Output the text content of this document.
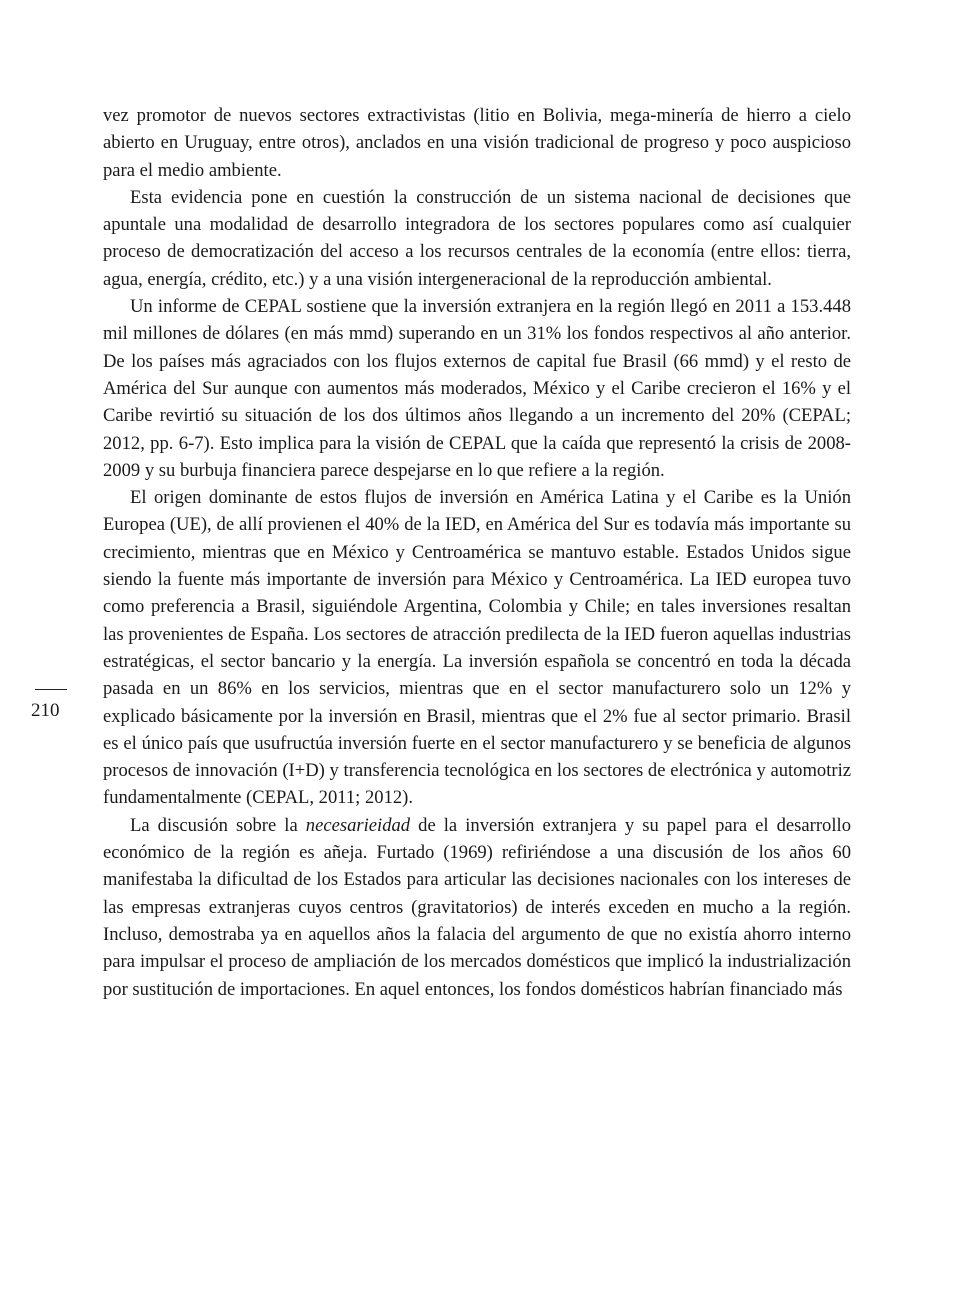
210

vez promotor de nuevos sectores extractivistas (litio en Bolivia, mega-minería de hierro a cielo abierto en Uruguay, entre otros), anclados en una visión tradicional de progreso y poco auspicioso para el medio ambiente.

Esta evidencia pone en cuestión la construcción de un sistema nacional de decisiones que apuntale una modalidad de desarrollo integradora de los sectores populares como así cualquier proceso de democratización del acceso a los recursos centrales de la economía (entre ellos: tierra, agua, energía, crédito, etc.) y a una visión intergeneracional de la reproducción ambiental.

Un informe de CEPAL sostiene que la inversión extranjera en la región llegó en 2011 a 153.448 mil millones de dólares (en más mmd) superando en un 31% los fondos respectivos al año anterior. De los países más agraciados con los flujos externos de capital fue Brasil (66 mmd) y el resto de América del Sur aunque con aumentos más moderados, México y el Caribe crecieron el 16% y el Caribe revirtió su situación de los dos últimos años llegando a un incremento del 20% (CEPAL; 2012, pp. 6-7). Esto implica para la visión de CEPAL que la caída que representó la crisis de 2008-2009 y su burbuja financiera parece despejarse en lo que refiere a la región.

El origen dominante de estos flujos de inversión en América Latina y el Caribe es la Unión Europea (UE), de allí provienen el 40% de la IED, en América del Sur es todavía más importante su crecimiento, mientras que en México y Centroamérica se mantuvo estable. Estados Unidos sigue siendo la fuente más importante de inversión para México y Centroamérica. La IED europea tuvo como preferencia a Brasil, siguiéndole Argentina, Colombia y Chile; en tales inversiones resaltan las provenientes de España. Los sectores de atracción predilecta de la IED fueron aquellas industrias estratégicas, el sector bancario y la energía. La inversión española se concentró en toda la década pasada en un 86% en los servicios, mientras que en el sector manufacturero solo un 12% y explicado básicamente por la inversión en Brasil, mientras que el 2% fue al sector primario. Brasil es el único país que usufructúa inversión fuerte en el sector manufacturero y se beneficia de algunos procesos de innovación (I+D) y transferencia tecnológica en los sectores de electrónica y automotriz fundamentalmente (CEPAL, 2011; 2012).

La discusión sobre la necesarieidad de la inversión extranjera y su papel para el desarrollo económico de la región es añeja. Furtado (1969) refiriéndose a una discusión de los años 60 manifestaba la dificultad de los Estados para articular las decisiones nacionales con los intereses de las empresas extranjeras cuyos centros (gravitatorios) de interés exceden en mucho a la región. Incluso, demostraba ya en aquellos años la falacia del argumento de que no existía ahorro interno para impulsar el proceso de ampliación de los mercados domésticos que implicó la industrialización por sustitución de importaciones. En aquel entonces, los fondos domésticos habrían financiado más
